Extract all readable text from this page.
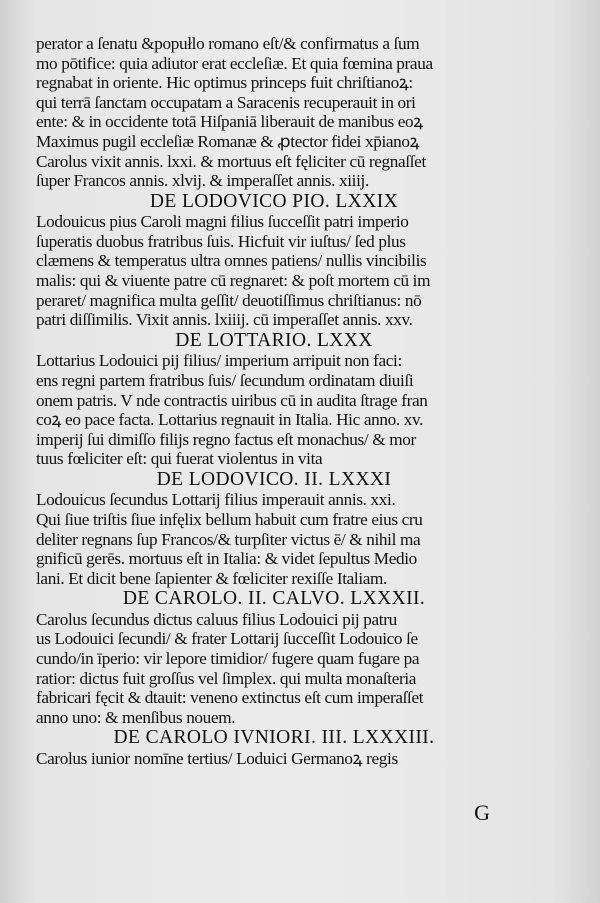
perator a ſenatu &popułlo romano eſt/& confirmatus a ſum
mo pōtifice: quia adiutor erat eccleſiæ. Et quia fœmina praua
regnabat in oriente. Hic optimus princeps fuit chriſtianoꝝ:
qui terrā ſanctam occupatam a Saracenis recuperauit in ori
ente: & in occidente totā Hiſpaniā liberauit de manibus eoꝝ
Maximus pugil eccleſiæ Romanæ & ꝓtector fidei xp̄ianoꝝ
Carolus vixit annis. lxxi. & mortuus eſt fęliciter cū regnaſſet
ſuper Francos annis. xlvij. & imperaſſet annis. xiiij.
DE LODOVICO PIO. LXXIX
Lodouicus pius Caroli magni filius ſucceſſit patri imperio
ſuperatis duobus fratribus ſuis. Hicfuit vir iuſtus/ ſed plus
clæmens & temperatus ultra omnes patiens/ nullis vincibilis
malis: qui & viuente patre cū regnaret: & poſt mortem cū im
peraret/ magnifica multa geſſit/ deuotiſſimus chriſtianus: nō
patri diſſimilis. Vixit annis. lxiiij. cū imperaſſet annis. xxv.
DE LOTTARIO. LXXX
Lottarius Lodouici pij filius/ imperium arripuit non faci:
ens regni partem fratribus ſuis/ ſecundum ordinatam diuiſi
onem patris. V nde contractis uiribus cū in audita ſtrage fran
coꝝ eo pace facta. Lottarius regnauit in Italia. Hic anno. xv.
imperij ſui dimiſſo filijs regno factus eſt monachus/ & mor
tuus fœliciter eſt: qui fuerat violentus in vita
DE LODOVICO. II. LXXXI
Lodouicus ſecundus Lottarij filius imperauit annis. xxi.
Qui ſiue triſtis ſiue infęlix bellum habuit cum fratre eius cru
deliter regnans ſup Francos/& turpſiter victus ē/ & nihil ma
gnificū gerēs. mortuus eſt in Italia: & videt ſepultus Medio
lani. Et dicit bene ſapienter & fœliciter rexiſſe Italiam.
DE CAROLO. II. CALVO. LXXXII.
Carolus ſecundus dictus caluus filius Lodouici pij patru
us Lodouici ſecundi/ & frater Lottarij ſucceſſit Lodouico ſe
cundo/in īperio: vir lepore timidior/ fugere quam fugare pa
ratior: dictus fuit groſſus vel ſimplex. qui multa monaſteria
fabricari fęcit & dtauit: veneno extinctus eſt cum imperaſſet
anno uno: & menſibus nouem.
DE CAROLO IVNIORI. III. LXXXIII.
Carolus iunior nomīne tertius/ Loduici Germanoꝝ regis
G
